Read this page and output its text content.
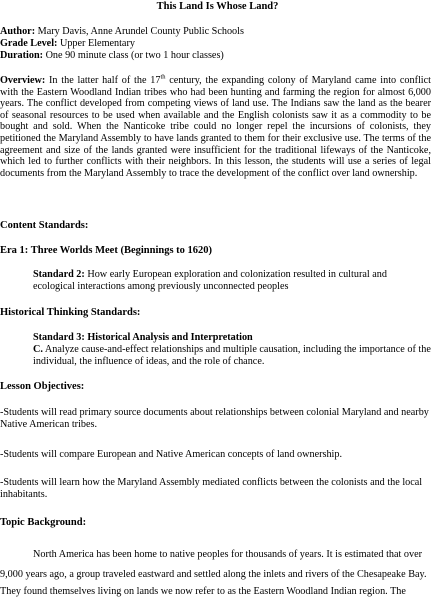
This Land Is Whose Land?
Author: Mary Davis, Anne Arundel County Public Schools
Grade Level: Upper Elementary
Duration: One 90 minute class (or two 1 hour classes)
Overview: In the latter half of the 17th century, the expanding colony of Maryland came into conflict with the Eastern Woodland Indian tribes who had been hunting and farming the region for almost 6,000 years. The conflict developed from competing views of land use. The Indians saw the land as the bearer of seasonal resources to be used when available and the English colonists saw it as a commodity to be bought and sold. When the Nanticoke tribe could no longer repel the incursions of colonists, they petitioned the Maryland Assembly to have lands granted to them for their exclusive use. The terms of the agreement and size of the lands granted were insufficient for the traditional lifeways of the Nanticoke, which led to further conflicts with their neighbors. In this lesson, the students will use a series of legal documents from the Maryland Assembly to trace the development of the conflict over land ownership.
Content Standards:
Era 1: Three Worlds Meet (Beginnings to 1620)
Standard 2: How early European exploration and colonization resulted in cultural and ecological interactions among previously unconnected peoples
Historical Thinking Standards:
Standard 3: Historical Analysis and Interpretation
C. Analyze cause-and-effect relationships and multiple causation, including the importance of the individual, the influence of ideas, and the role of chance.
Lesson Objectives:
-Students will read primary source documents about relationships between colonial Maryland and nearby Native American tribes.
-Students will compare European and Native American concepts of land ownership.
-Students will learn how the Maryland Assembly mediated conflicts between the colonists and the local inhabitants.
Topic Background:
North America has been home to native peoples for thousands of years. It is estimated that over 9,000 years ago, a group traveled eastward and settled along the inlets and rivers of the Chesapeake Bay.
They found themselves living on lands we now refer to as the Eastern Woodland Indian region. The
